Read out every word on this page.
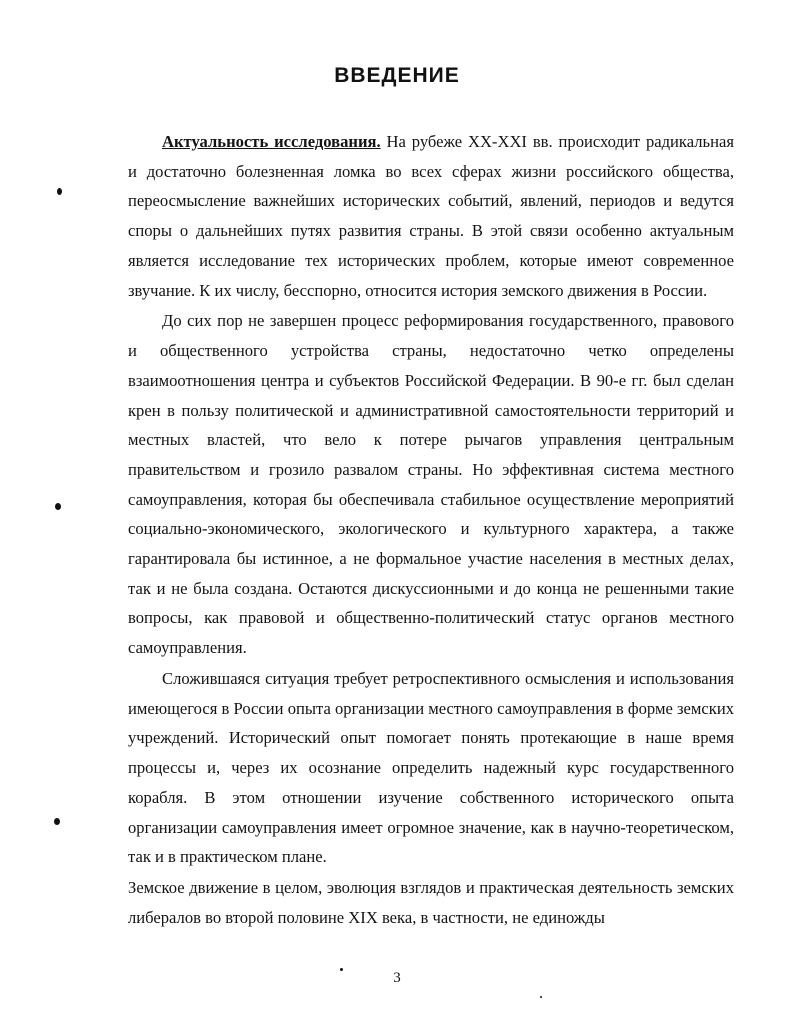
ВВЕДЕНИЕ

Актуальность исследования. На рубеже XX-XXI вв. происходит радикальная и достаточно болезненная ломка во всех сферах жизни российского общества, переосмысление важнейших исторических событий, явлений, периодов и ведутся споры о дальнейших путях развития страны. В этой связи особенно актуальным является исследование тех исторических проблем, которые имеют современное звучание. К их числу, бесспорно, относится история земского движения в России.

До сих пор не завершен процесс реформирования государственного, правового и общественного устройства страны, недостаточно четко определены взаимоотношения центра и субъектов Российской Федерации. В 90-е гг. был сделан крен в пользу политической и административной самостоятельности территорий и местных властей, что вело к потере рычагов управления центральным правительством и грозило развалом страны. Но эффективная система местного самоуправления, которая бы обеспечивала стабильное осуществление мероприятий социально-экономического, экологического и культурного характера, а также гарантировала бы истинное, а не формальное участие населения в местных делах, так и не была создана. Остаются дискуссионными и до конца не решенными такие вопросы, как правовой и общественно-политический статус органов местного самоуправления.

Сложившаяся ситуация требует ретроспективного осмысления и использования имеющегося в России опыта организации местного самоуправления в форме земских учреждений. Исторический опыт помогает понять протекающие в наше время процессы и, через их осознание определить надежный курс государственного корабля. В этом отношении изучение собственного исторического опыта организации самоуправления имеет огромное значение, как в научно-теоретическом, так и в практическом плане.

Земское движение в целом, эволюция взглядов и практическая деятельность земских либералов во второй половине XIX века, в частности, не единожды

3
